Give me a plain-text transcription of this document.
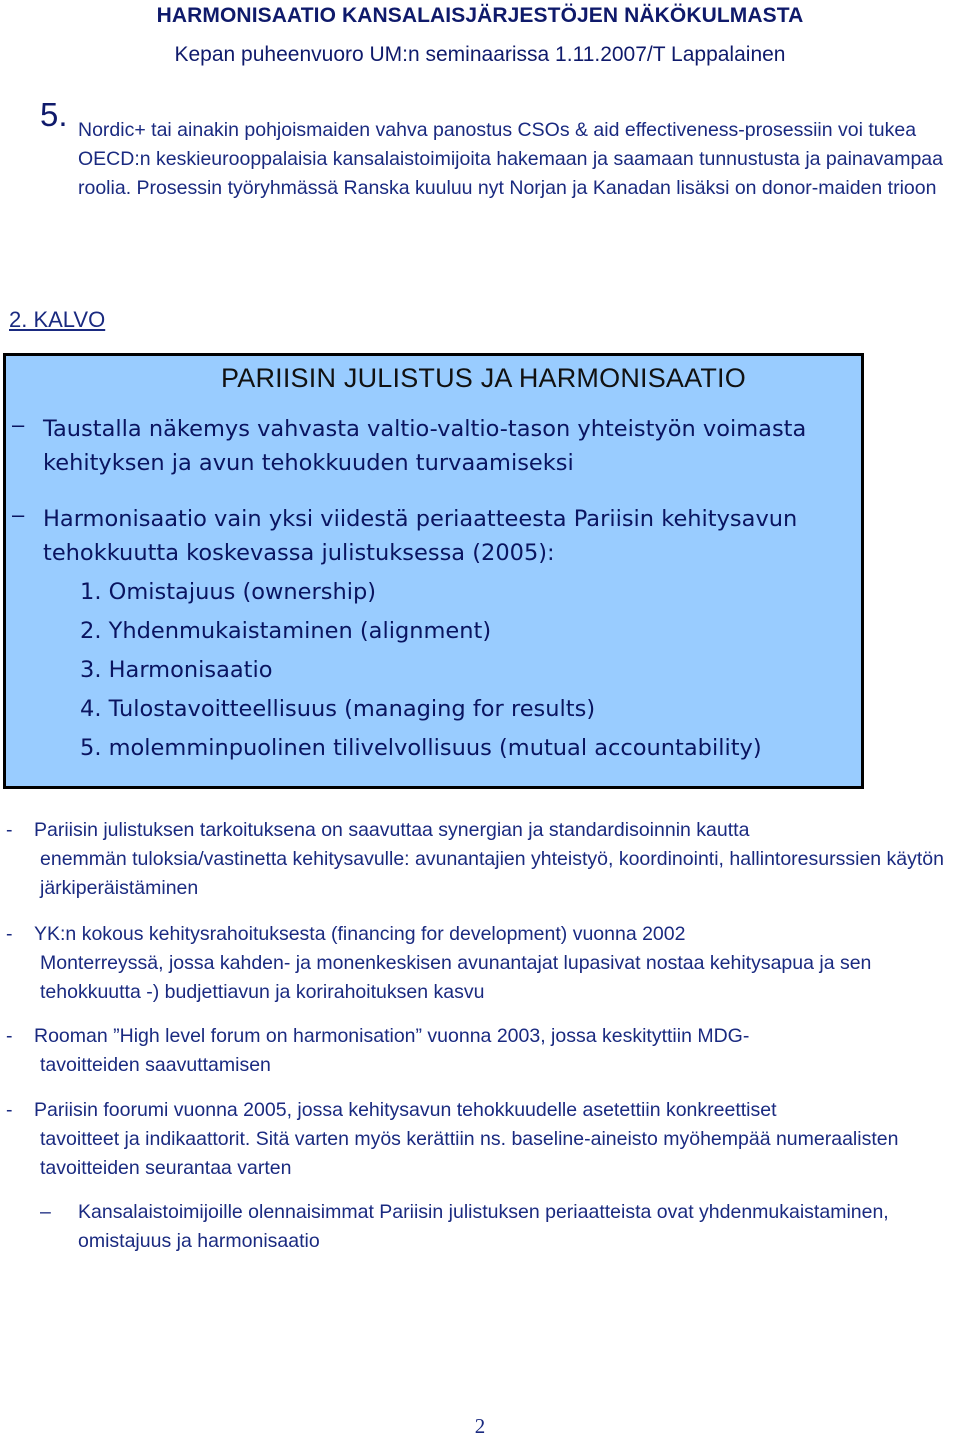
HARMONISAATIO KANSALAISJÄRJESTÖJEN NÄKÖKULMASTA
Kepan puheenvuoro UM:n seminaarissa 1.11.2007/T Lappalainen
5. Nordic+ tai ainakin pohjoismaiden vahva panostus CSOs & aid effectiveness-prosessiin voi tukea OECD:n keskieurooppalaisia kansalaistoimijoita hakemaan ja saamaan tunnustusta ja painavampaa roolia. Prosessin työryhmässä Ranska kuuluu nyt Norjan ja Kanadan lisäksi on donor-maiden trioon
2. KALVO
PARIISIN JULISTUS JA HARMONISAATIO
– Taustalla näkemys vahvasta valtio-valtio-tason yhteistyön voimasta kehityksen ja avun tehokkuuden turvaamiseksi
– Harmonisaatio vain yksi viidestä periaatteesta Pariisin kehitysavun tehokkuutta koskevassa julistuksessa (2005):
1. Omistajuus (ownership)
2. Yhdenmukaistaminen (alignment)
3. Harmonisaatio
4. Tulostavoitteellisuus (managing for results)
5. molemminpuolinen tilivelvollisuus (mutual accountability)
- Pariisin julistuksen tarkoituksena on saavuttaa synergian ja standardisoinnin kautta
enemmän tuloksia/vastinetta kehitysavulle: avunantajien yhteistyö, koordinointi, hallintoresurssien käytön järkiperäistäminen
- YK:n kokous kehitysrahoituksesta (financing for development) vuonna 2002
Monterreyssä, jossa kahden- ja monenkeskisen avunantajat lupasivat nostaa kehitysapua ja sen tehokkuutta -) budjettiavun ja korirahoituksen kasvu
- Rooman ”High level forum on harmonisation” vuonna 2003, jossa keskityttiin MDG-
tavoitteiden saavuttamisen
- Pariisin foorumi vuonna 2005, jossa kehitysavun tehokkuudelle asetettiin konkreettiset
tavoitteet ja indikaattorit. Sitä varten myös kerättiin ns. baseline-aineisto myöhempää numeraalisten tavoitteiden seurantaa varten
– Kansalaistoimijoille olennaisimmat Pariisin julistuksen periaatteista ovat yhdenmukaistaminen, omistajuus ja harmonisaatio
2
